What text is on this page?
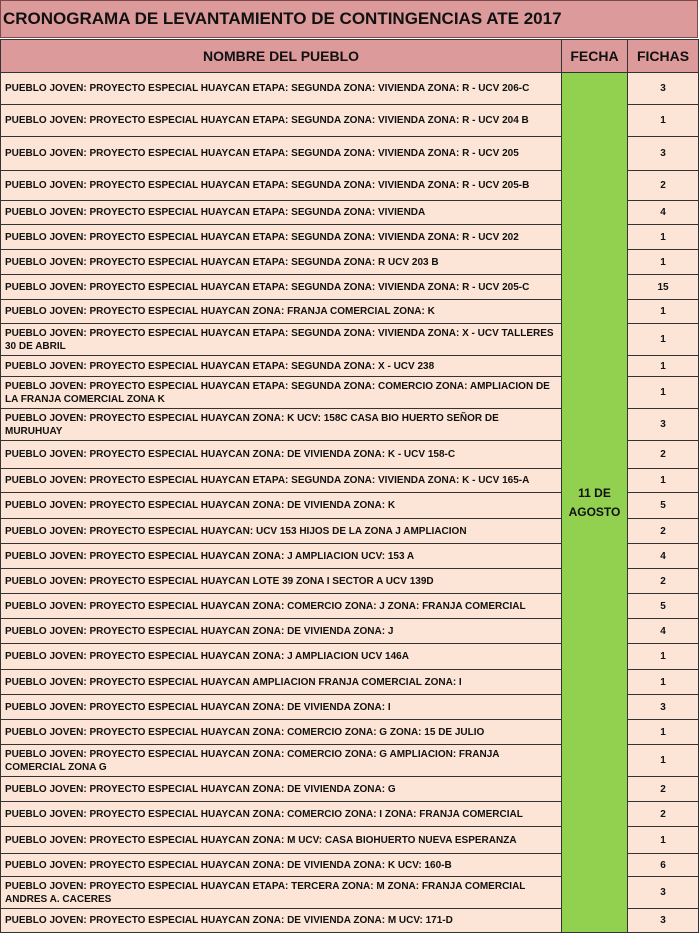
CRONOGRAMA DE LEVANTAMIENTO DE CONTINGENCIAS ATE 2017
NOMBRE DEL PUEBLO	FECHA	FICHAS
PUEBLO JOVEN: PROYECTO ESPECIAL HUAYCAN ETAPA: SEGUNDA ZONA: VIVIENDA ZONA: R - UCV 206-C	11 DE AGOSTO	3
PUEBLO JOVEN: PROYECTO ESPECIAL HUAYCAN ETAPA: SEGUNDA ZONA: VIVIENDA ZONA: R - UCV 204 B		1
PUEBLO JOVEN: PROYECTO ESPECIAL HUAYCAN ETAPA: SEGUNDA ZONA: VIVIENDA ZONA: R - UCV 205		3
PUEBLO JOVEN: PROYECTO ESPECIAL HUAYCAN ETAPA: SEGUNDA ZONA: VIVIENDA ZONA: R - UCV 205-B		2
PUEBLO JOVEN: PROYECTO ESPECIAL HUAYCAN ETAPA: SEGUNDA ZONA: VIVIENDA		4
PUEBLO JOVEN: PROYECTO ESPECIAL HUAYCAN ETAPA: SEGUNDA ZONA: VIVIENDA ZONA: R - UCV 202		1
PUEBLO JOVEN: PROYECTO ESPECIAL HUAYCAN ETAPA: SEGUNDA ZONA: R UCV 203 B		1
PUEBLO JOVEN: PROYECTO ESPECIAL HUAYCAN ETAPA: SEGUNDA ZONA: VIVIENDA ZONA: R - UCV 205-C		15
PUEBLO JOVEN: PROYECTO ESPECIAL HUAYCAN ZONA: FRANJA COMERCIAL ZONA: K		1
PUEBLO JOVEN: PROYECTO ESPECIAL HUAYCAN ETAPA: SEGUNDA ZONA: VIVIENDA ZONA: X - UCV TALLERES 30 DE ABRIL		1
PUEBLO JOVEN: PROYECTO ESPECIAL HUAYCAN ETAPA: SEGUNDA ZONA: X - UCV 238		1
PUEBLO JOVEN: PROYECTO ESPECIAL HUAYCAN ETAPA: SEGUNDA ZONA: COMERCIO ZONA: AMPLIACION DE LA FRANJA COMERCIAL ZONA K		1
PUEBLO JOVEN: PROYECTO ESPECIAL HUAYCAN ZONA: K UCV: 158C CASA BIO HUERTO SEÑOR DE MURUHUAY		3
PUEBLO JOVEN: PROYECTO ESPECIAL HUAYCAN ZONA: DE VIVIENDA ZONA: K - UCV 158-C		2
PUEBLO JOVEN: PROYECTO ESPECIAL HUAYCAN ETAPA: SEGUNDA ZONA: VIVIENDA ZONA: K - UCV 165-A		1
PUEBLO JOVEN: PROYECTO ESPECIAL HUAYCAN ZONA: DE VIVIENDA ZONA: K		5
PUEBLO JOVEN: PROYECTO ESPECIAL HUAYCAN: UCV 153 HIJOS DE LA ZONA J AMPLIACION		2
PUEBLO JOVEN: PROYECTO ESPECIAL HUAYCAN ZONA: J AMPLIACION UCV: 153 A		4
PUEBLO JOVEN: PROYECTO ESPECIAL HUAYCAN LOTE 39 ZONA I SECTOR A UCV 139D		2
PUEBLO JOVEN: PROYECTO ESPECIAL HUAYCAN ZONA: COMERCIO ZONA: J ZONA: FRANJA COMERCIAL		5
PUEBLO JOVEN: PROYECTO ESPECIAL HUAYCAN ZONA: DE VIVIENDA ZONA: J		4
PUEBLO JOVEN: PROYECTO ESPECIAL HUAYCAN ZONA: J AMPLIACION UCV 146A		1
PUEBLO JOVEN: PROYECTO ESPECIAL HUAYCAN AMPLIACION FRANJA COMERCIAL ZONA: I		1
PUEBLO JOVEN: PROYECTO ESPECIAL HUAYCAN ZONA: DE VIVIENDA ZONA: I		3
PUEBLO JOVEN: PROYECTO ESPECIAL HUAYCAN ZONA: COMERCIO ZONA: G ZONA: 15 DE JULIO		1
PUEBLO JOVEN: PROYECTO ESPECIAL HUAYCAN ZONA: COMERCIO ZONA: G AMPLIACION: FRANJA COMERCIAL ZONA G		1
PUEBLO JOVEN: PROYECTO ESPECIAL HUAYCAN ZONA: DE VIVIENDA ZONA: G		2
PUEBLO JOVEN: PROYECTO ESPECIAL HUAYCAN ZONA: COMERCIO ZONA: I ZONA: FRANJA COMERCIAL		2
PUEBLO JOVEN: PROYECTO ESPECIAL HUAYCAN ZONA: M UCV: CASA BIOHUERTO NUEVA ESPERANZA		1
PUEBLO JOVEN: PROYECTO ESPECIAL HUAYCAN ZONA: DE VIVIENDA ZONA: K UCV: 160-B		6
PUEBLO JOVEN: PROYECTO ESPECIAL HUAYCAN ETAPA: TERCERA ZONA: M ZONA: FRANJA COMERCIAL ANDRES A. CACERES		3
PUEBLO JOVEN: PROYECTO ESPECIAL HUAYCAN ZONA: DE VIVIENDA ZONA: M UCV: 171-D		3
